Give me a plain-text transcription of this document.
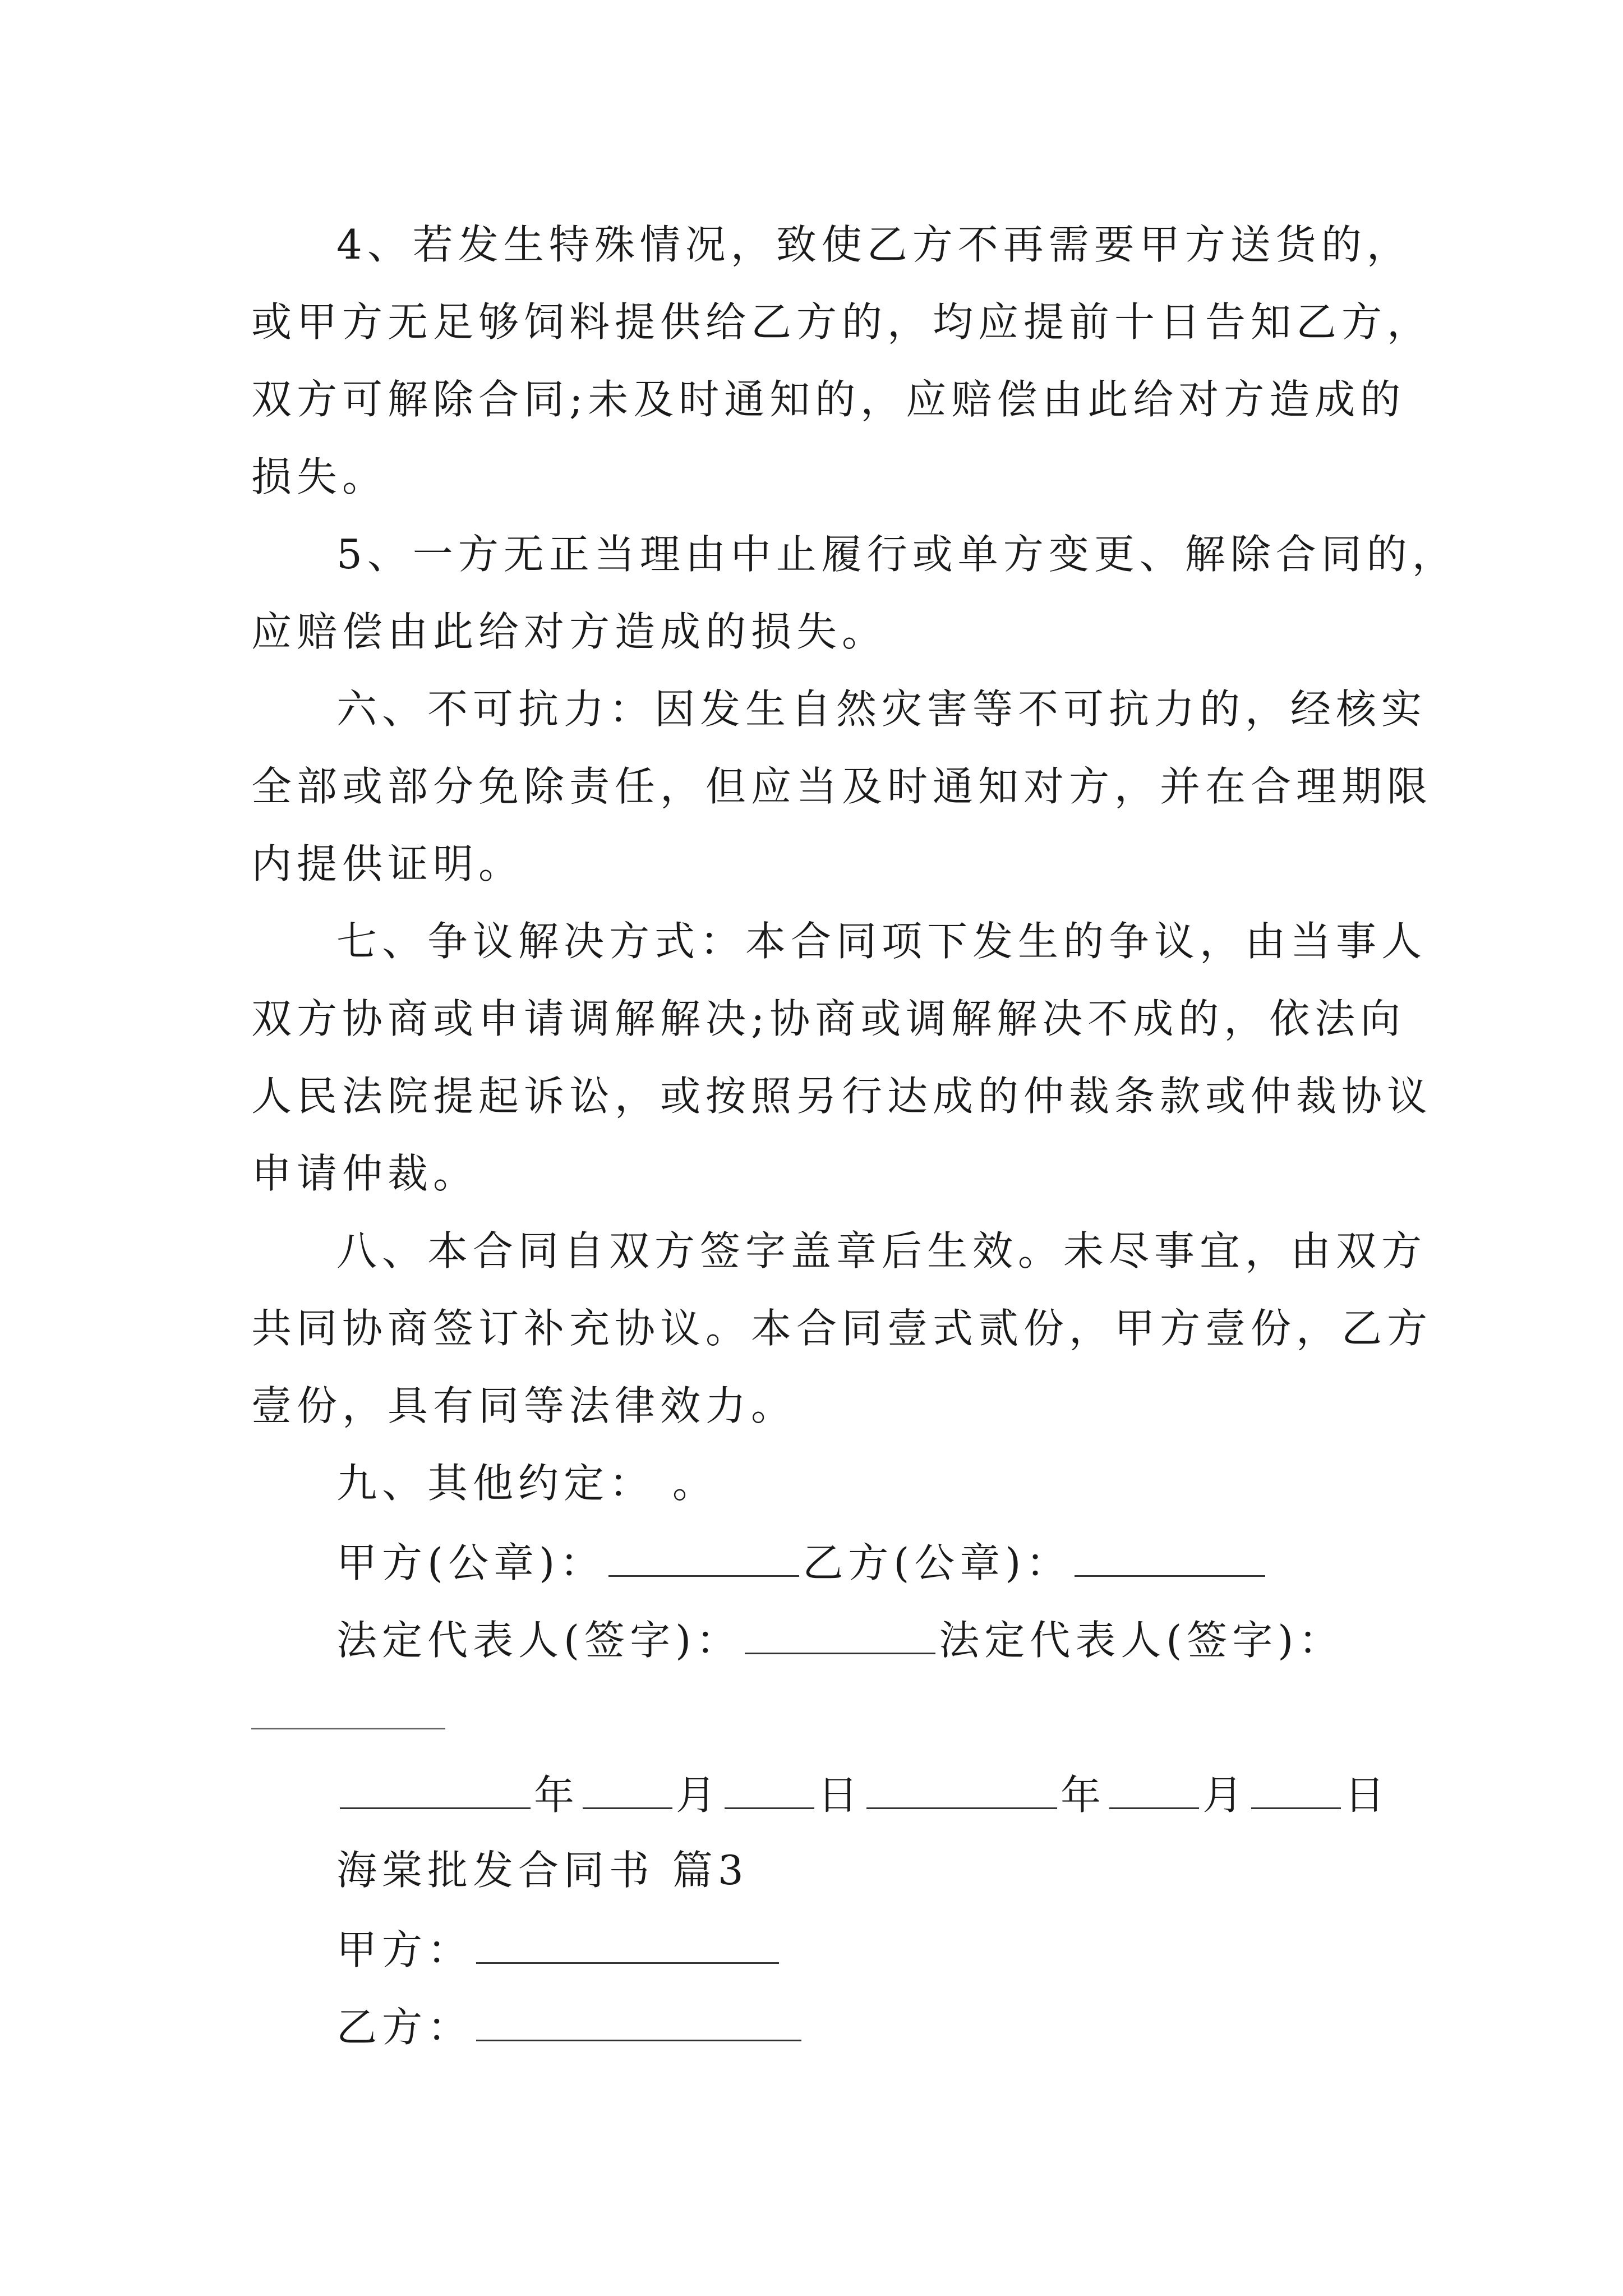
4、若发生特殊情况，致使乙方不再需要甲方送货的，
或甲方无足够饲料提供给乙方的，均应提前十日告知乙方，
双方可解除合同;未及时通知的，应赔偿由此给对方造成的
损失。
5、一方无正当理由中止履行或单方变更、解除合同的，
应赔偿由此给对方造成的损失。
六、不可抗力：因发生自然灾害等不可抗力的，经核实
全部或部分免除责任，但应当及时通知对方，并在合理期限
内提供证明。
七、争议解决方式：本合同项下发生的争议，由当事人
双方协商或申请调解解决;协商或调解解决不成的，依法向
人民法院提起诉讼，或按照另行达成的仲裁条款或仲裁协议
申请仲裁。
八、本合同自双方签字盖章后生效。未尽事宜，由双方
共同协商签订补充协议。本合同壹式贰份，甲方壹份，乙方
壹份，具有同等法律效力。
九、其他约定： 。
甲方(公章)：	乙方(公章)：
法定代表人(签字)：	法定代表人(签字)：
年 月 日	年 月 日
海棠批发合同书 篇3
甲方：
乙方：
